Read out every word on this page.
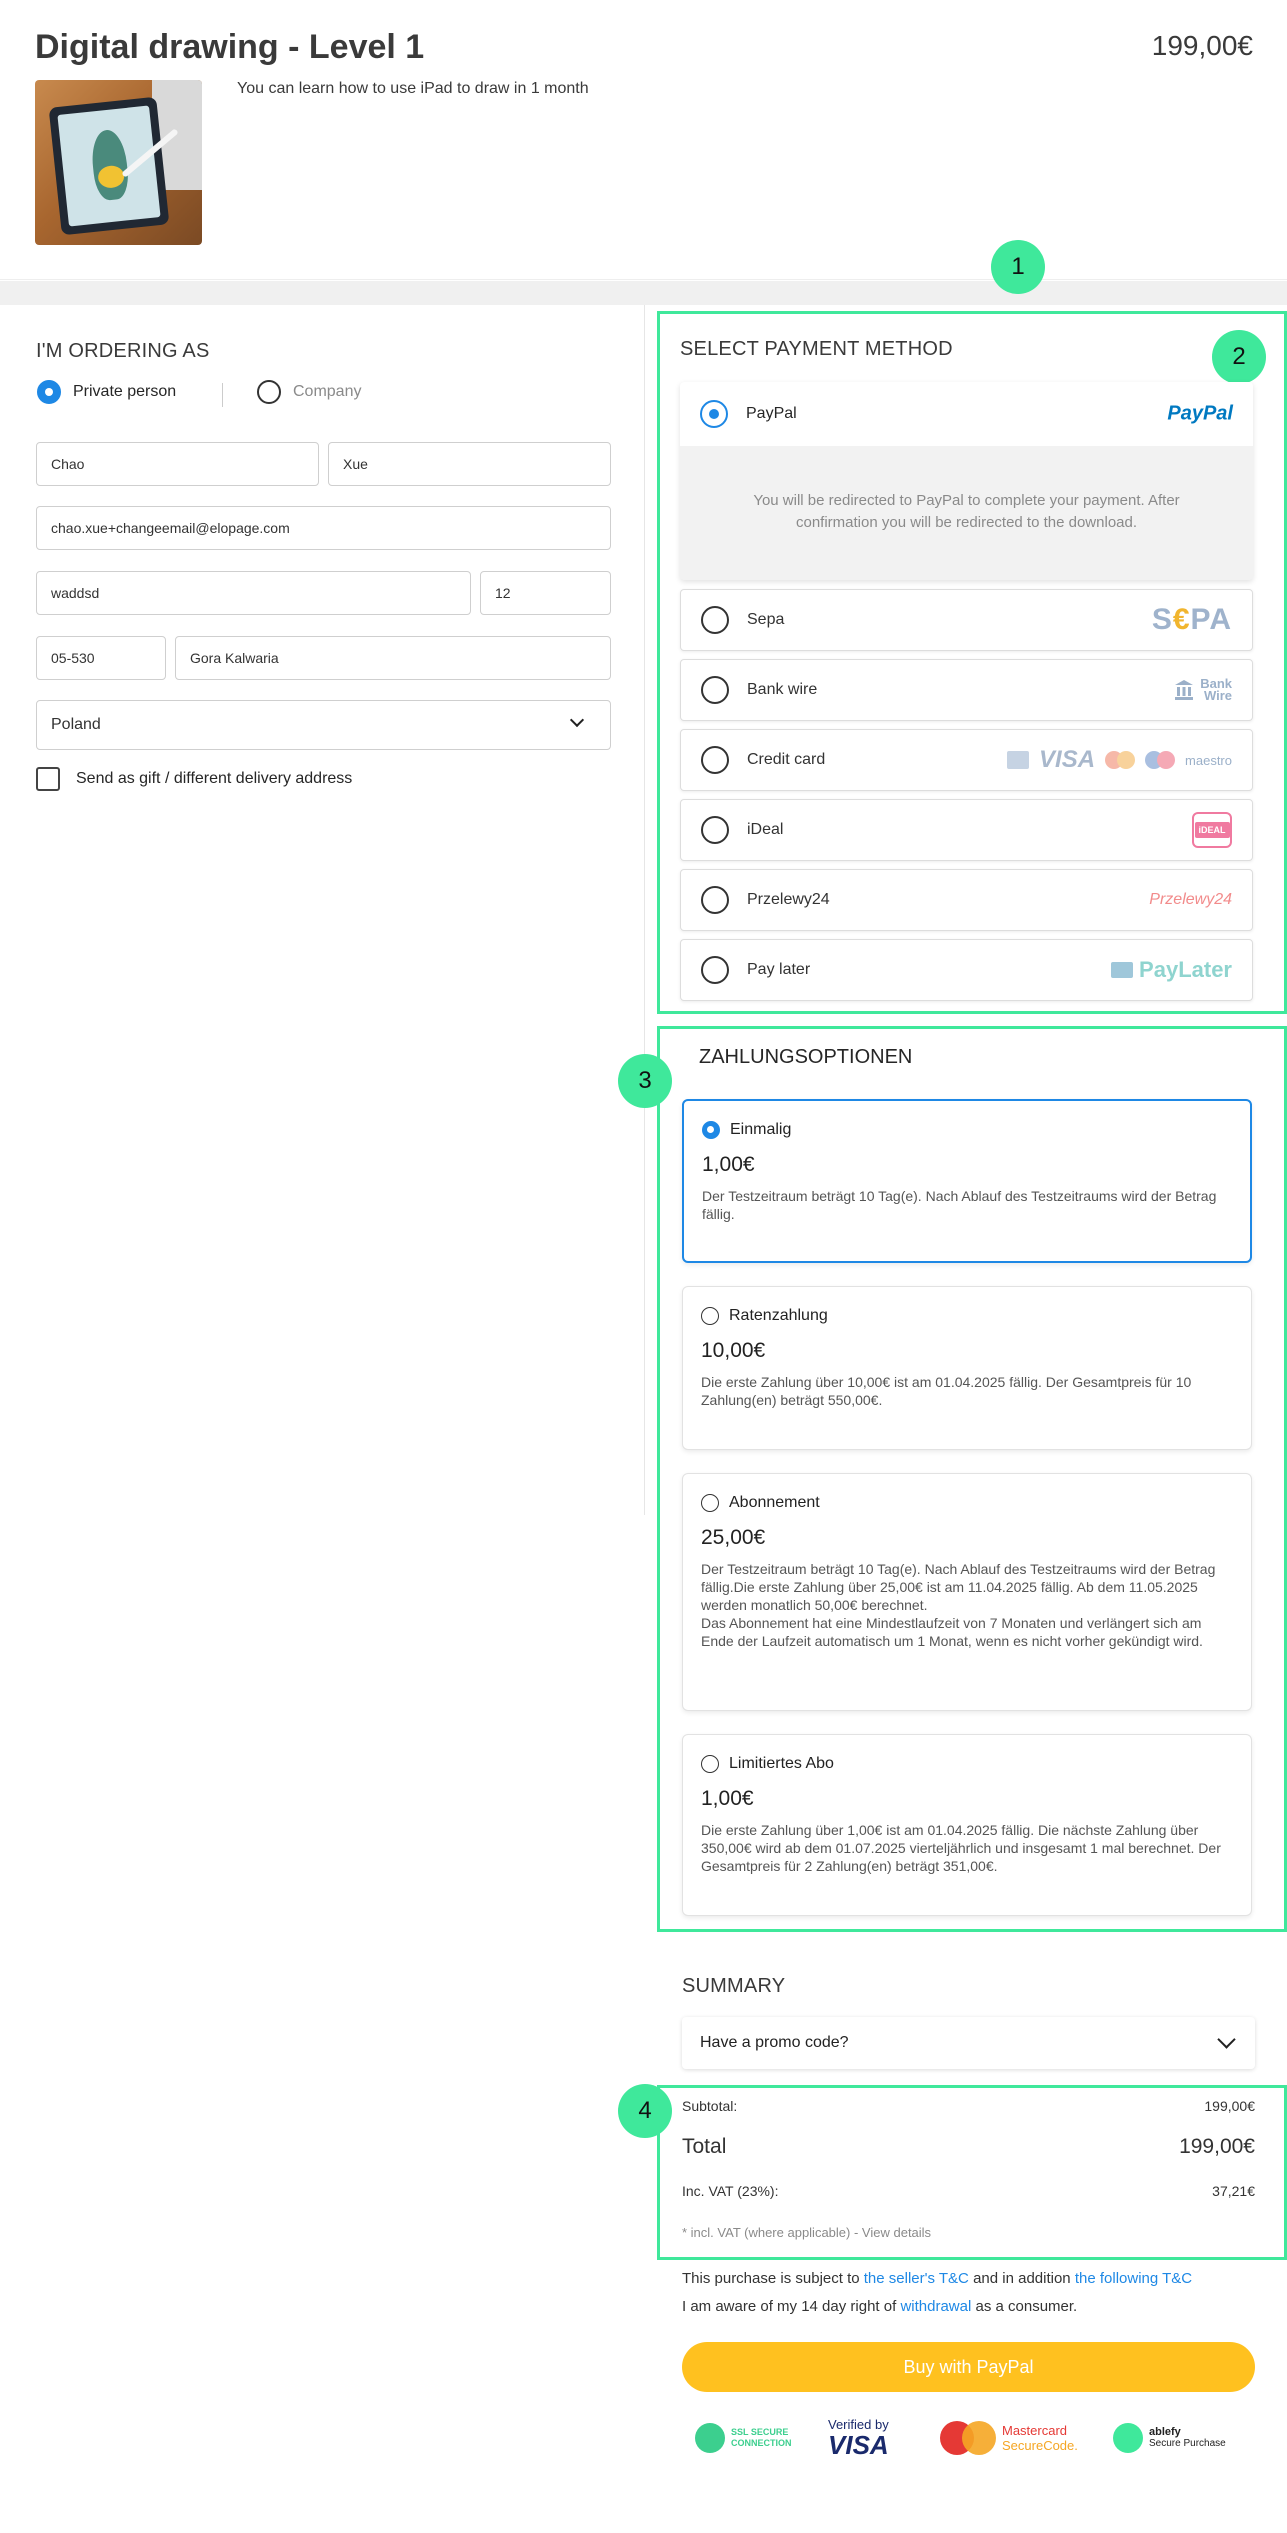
Digital drawing - Level 1	199,00€
You can learn how to use iPad to draw in 1 month
I'M ORDERING AS
Private person	Company
Chao	Xue
chao.xue+changeemail@elopage.com
waddsd	12
05-530	Gora Kalwaria
Poland
Send as gift / different delivery address
1
2
SELECT PAYMENT METHOD
PayPal	PayPal
You will be redirected to PayPal to complete your payment. After confirmation you will be redirected to the download.
Sepa	S€PA
Bank wire	Bank
Wire
Credit card	VISA	maestro
iDeal	iDEAL
Przelewy24	Przelewy24
Pay later	PayLater
3
ZAHLUNGSOPTIONEN
Einmalig
1,00€
Der Testzeitraum beträgt 10 Tag(e). Nach Ablauf des Testzeitraums wird der Betrag fällig.
Ratenzahlung
10,00€
Die erste Zahlung über 10,00€ ist am 01.04.2025 fällig. Der Gesamtpreis für 10 Zahlung(en) beträgt 550,00€.
Abonnement
25,00€
Der Testzeitraum beträgt 10 Tag(e). Nach Ablauf des Testzeitraums wird der Betrag fällig.Die erste Zahlung über 25,00€ ist am 11.04.2025 fällig. Ab dem 11.05.2025 werden monatlich 50,00€ berechnet.
Das Abonnement hat eine Mindestlaufzeit von 7 Monaten und verlängert sich am Ende der Laufzeit automatisch um 1 Monat, wenn es nicht vorher gekündigt wird.
Limitiertes Abo
1,00€
Die erste Zahlung über 1,00€ ist am 01.04.2025 fällig. Die nächste Zahlung über 350,00€ wird ab dem 01.07.2025 vierteljährlich und insgesamt 1 mal berechnet. Der Gesamtpreis für 2 Zahlung(en) beträgt 351,00€.
SUMMARY
Have a promo code?
4	Subtotal:	199,00€
Total	199,00€
Inc. VAT (23%):	37,21€
* incl. VAT (where applicable) - View details
This purchase is subject to the seller's T&C and in addition the following T&C
I am aware of my 14 day right of withdrawal as a consumer.
Buy with PayPal
SSL SECURE
CONNECTION
Verified by
VISA	Mastercard
SecureCode.
ablefy
Secure Purchase
